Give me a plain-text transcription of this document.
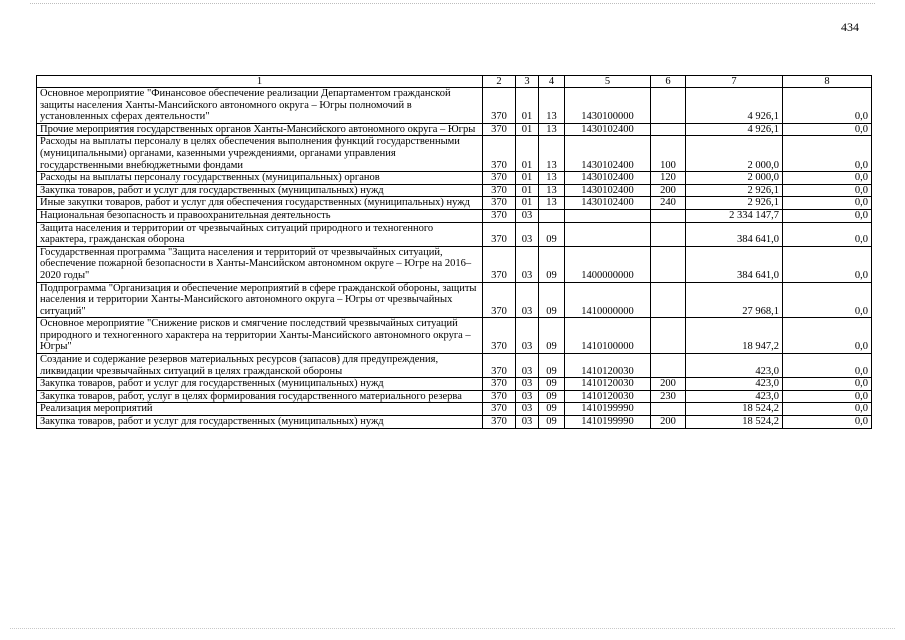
434
1	2	3	4	5	6	7	8
Основное мероприятие "Финансовое обеспечение реализации Департаментом гражданской защиты населения Ханты-Мансийского автономного округа – Югры полномочий в установленных сферах деятельности"	370	01	13	1430100000		4 926,1	0,0
Прочие мероприятия государственных органов Ханты-Мансийского автономного округа – Югры	370	01	13	1430102400		4 926,1	0,0
Расходы на выплаты персоналу в целях обеспечения выполнения функций государственными (муниципальными) органами, казенными учреждениями, органами управления государственными внебюджетными фондами	370	01	13	1430102400	100	2 000,0	0,0
Расходы на выплаты персоналу государственных (муниципальных) органов	370	01	13	1430102400	120	2 000,0	0,0
Закупка товаров, работ и услуг для государственных (муниципальных) нужд	370	01	13	1430102400	200	2 926,1	0,0
Иные закупки товаров, работ и услуг для обеспечения государственных (муниципальных) нужд	370	01	13	1430102400	240	2 926,1	0,0
Национальная безопасность и правоохранительная деятельность	370	03				2 334 147,7	0,0
Защита населения и территории от чрезвычайных ситуаций природного и техногенного характера, гражданская оборона	370	03	09			384 641,0	0,0
Государственная программа "Защита населения и территорий от чрезвычайных ситуаций, обеспечение пожарной безопасности в Ханты-Мансийском автономном округе – Югре на 2016–2020 годы"	370	03	09	1400000000		384 641,0	0,0
Подпрограмма "Организация и обеспечение мероприятий в сфере гражданской обороны, защиты населения и территории Ханты-Мансийского автономного округа – Югры от чрезвычайных ситуаций"	370	03	09	1410000000		27 968,1	0,0
Основное мероприятие "Снижение рисков и смягчение последствий чрезвычайных ситуаций природного и техногенного характера на территории Ханты-Мансийского автономного округа – Югры"	370	03	09	1410100000		18 947,2	0,0
Создание и содержание резервов материальных ресурсов (запасов) для предупреждения, ликвидации чрезвычайных ситуаций в целях гражданской обороны	370	03	09	1410120030		423,0	0,0
Закупка товаров, работ и услуг для государственных (муниципальных) нужд	370	03	09	1410120030	200	423,0	0,0
Закупка товаров, работ, услуг в целях формирования государственного материального резерва	370	03	09	1410120030	230	423,0	0,0
Реализация мероприятий	370	03	09	1410199990		18 524,2	0,0
Закупка товаров, работ и услуг для государственных (муниципальных) нужд	370	03	09	1410199990	200	18 524,2	0,0
